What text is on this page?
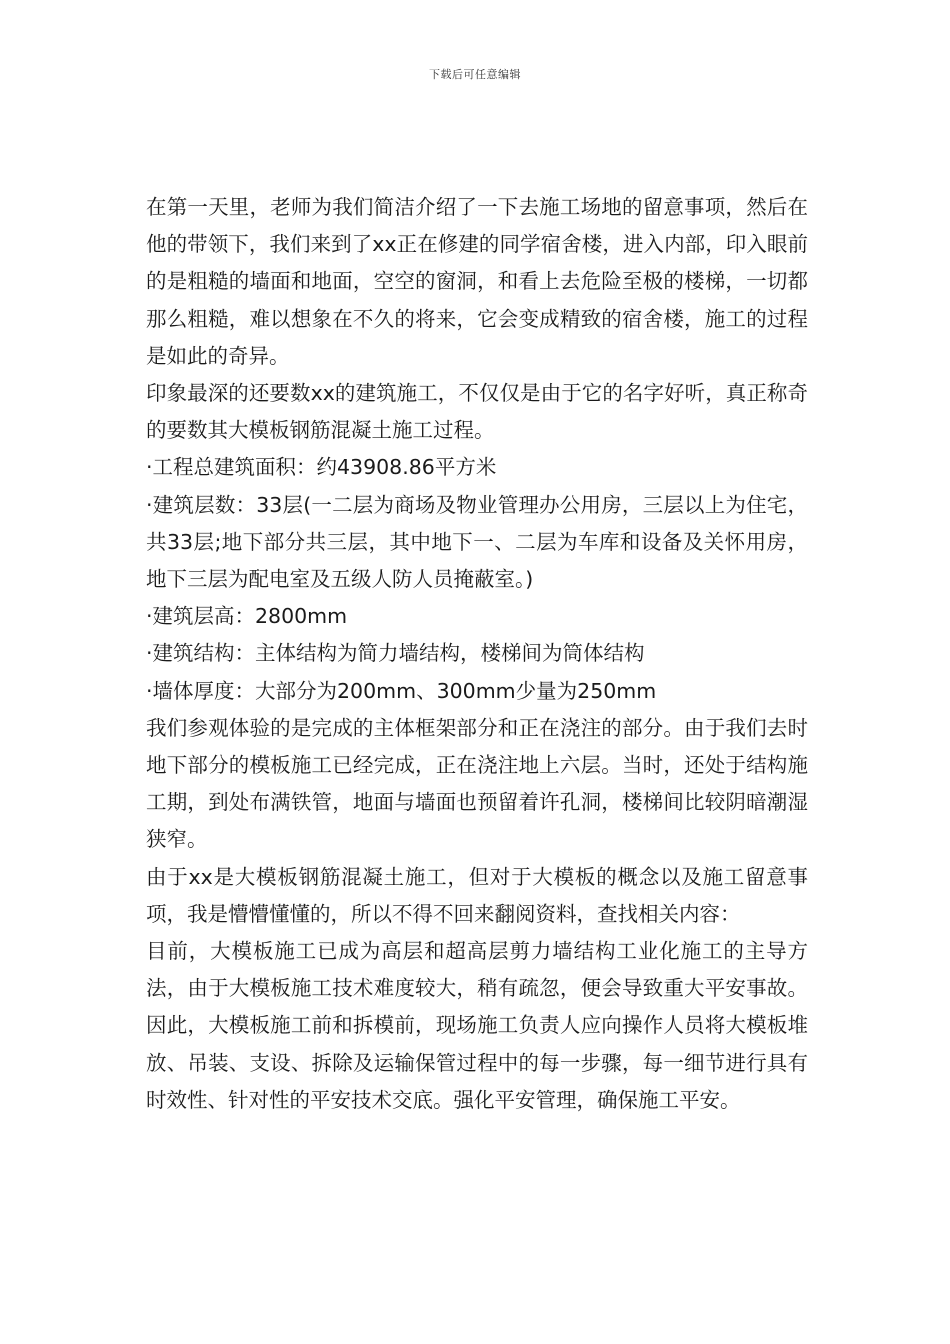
下载后可任意编辑

在第一天里，老师为我们简洁介绍了一下去施工场地的留意事项，然后在他的带领下，我们来到了xx正在修建的同学宿舍楼，进入内部，印入眼前的是粗糙的墙面和地面，空空的窗洞，和看上去危险至极的楼梯，一切都那么粗糙，难以想象在不久的将来，它会变成精致的宿舍楼，施工的过程是如此的奇异。

印象最深的还要数xx的建筑施工，不仅仅是由于它的名字好听，真正称奇的要数其大模板钢筋混凝土施工过程。

·工程总建筑面积：约43908.86平方米

·建筑层数：33层(一二层为商场及物业管理办公用房，三层以上为住宅，共33层;地下部分共三层，其中地下一、二层为车库和设备及关怀用房，地下三层为配电室及五级人防人员掩蔽室。)

·建筑层高：2800mm

·建筑结构：主体结构为简力墙结构，楼梯间为筒体结构

·墙体厚度：大部分为200mm、300mm少量为250mm

我们参观体验的是完成的主体框架部分和正在浇注的部分。由于我们去时地下部分的模板施工已经完成，正在浇注地上六层。当时，还处于结构施工期，到处布满铁管，地面与墙面也预留着许孔洞，楼梯间比较阴暗潮湿狭窄。

由于xx是大模板钢筋混凝土施工，但对于大模板的概念以及施工留意事项，我是懵懵懂懂的，所以不得不回来翻阅资料，查找相关内容：

目前，大模板施工已成为高层和超高层剪力墙结构工业化施工的主导方法，由于大模板施工技术难度较大，稍有疏忽，便会导致重大平安事故。因此，大模板施工前和拆模前，现场施工负责人应向操作人员将大模板堆放、吊装、支设、拆除及运输保管过程中的每一步骤，每一细节进行具有时效性、针对性的平安技术交底。强化平安管理，确保施工平安。
